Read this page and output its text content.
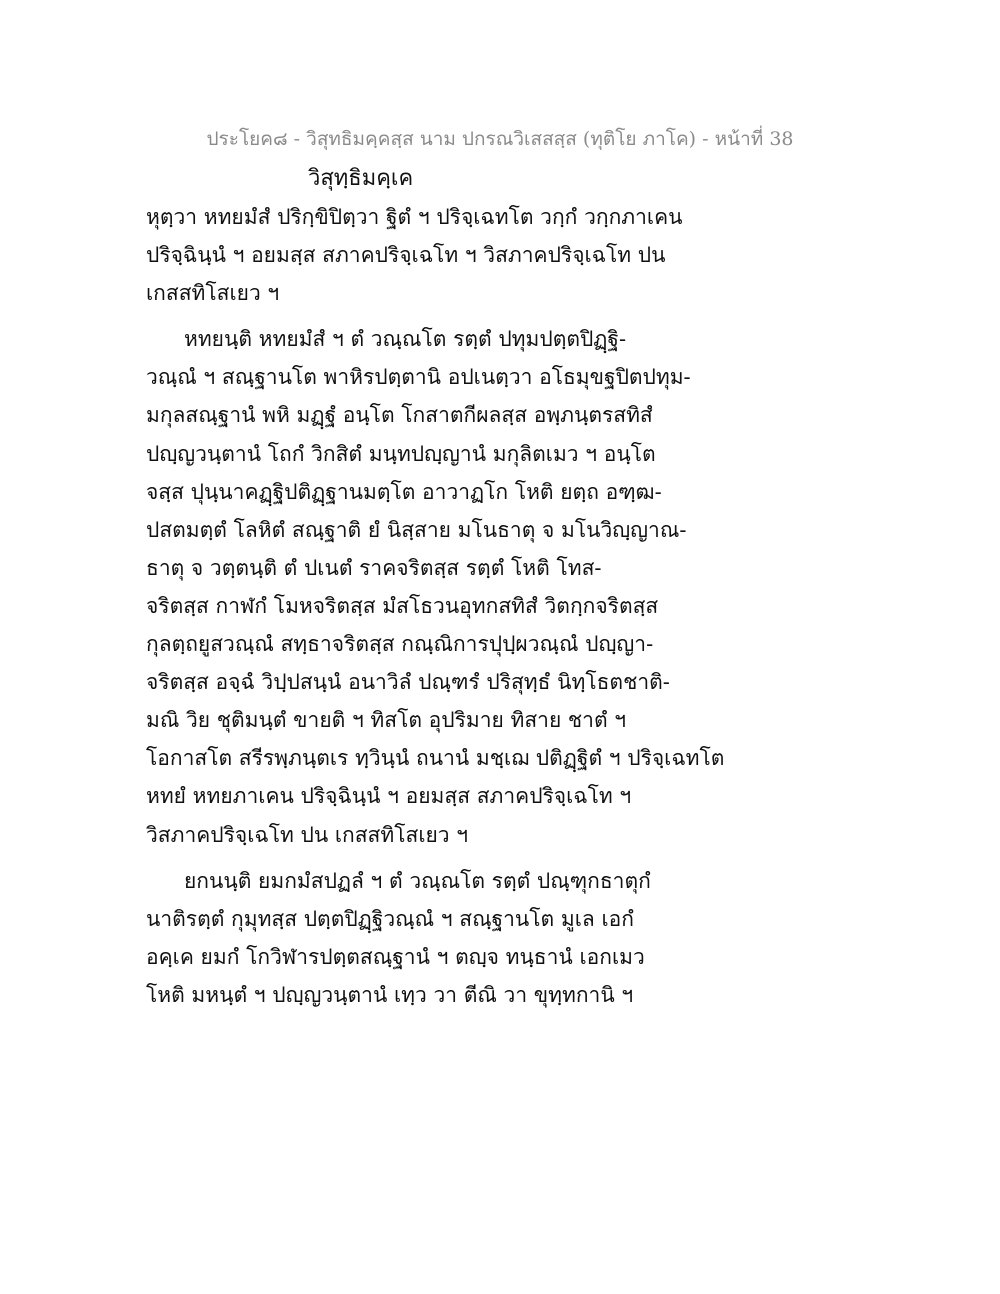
ประโยค๘ - วิสุทธิมคฺคสฺส นาม ปกรณวิเสสสฺส (ทุติโย ภาโค) - หน้าที่ 38
วิสุทฺธิมคฺเค
หุตฺวา หทยมํสํ ปริกฺขิปิตฺวา ฐิตํ ฯ ปริจฺเฉทโต วกฺกํ วกฺกภาเคน
ปริจฺฉินฺนํ ฯ อยมสฺส สภาคปริจฺเฉโท ฯ วิสภาคปริจฺเฉโท ปน
เกสสทิโสเยว ฯ
หทยนฺติ หทยมํสํ ฯ ตํ วณฺณโต รตฺตํ ปทุมปตฺตปิฏฺฐิ-
วณฺณํ ฯ สณฺฐานโต พาหิรปตฺตานิ อปเนตฺวา อโธมุขฐปิตปทุม-
มกุลสณฺฐานํ พหิ มฏฺฐํ อนฺโต โกสาตกีผลสฺส อพฺภนฺตรสทิสํ
ปญฺญวนฺตานํ โถกํ วิกสิตํ มนฺทปญฺญานํ มกุลิตเมว ฯ อนฺโต
จสฺส ปุนฺนาคฏฺฐิปติฏฺฐานมตฺโต อาวาฏโก โหติ ยตฺถ อฑฺฒ-
ปสตมตฺตํ โลหิตํ สณฺฐาติ ยํ นิสฺสาย มโนธาตุ จ มโนวิญฺญาณ-
ธาตุ จ วตฺตนฺติ ตํ ปเนตํ ราคจริตสฺส รตฺตํ โหติ โทส-
จริตสฺส กาฬกํ โมหจริตสฺส มํสโธวนอุทกสทิสํ วิตกฺกจริตสฺส
กุลตฺถยูสวณฺณํ สทฺธาจริตสฺส กณฺณิการปุปฺผวณฺณํ ปญฺญา-
จริตสฺส อจฺฉํ วิปฺปสนฺนํ อนาวิลํ ปณฺฑรํ ปริสุทฺธํ นิทฺโธตชาติ-
มณิ วิย ชุติมนฺตํ ขายติ ฯ ทิสโต อุปริมาย ทิสาย ชาตํ ฯ
โอกาสโต สรีรพฺภนฺตเร ทฺวินฺนํ ถนานํ มชฺเฌ ปติฏฺฐิตํ ฯ ปริจฺเฉทโต
หทยํ หทยภาเคน ปริจฺฉินฺนํ ฯ อยมสฺส สภาคปริจฺเฉโท ฯ
วิสภาคปริจฺเฉโท ปน เกสสทิโสเยว ฯ
ยกนนฺติ ยมกมํสปฏลํ ฯ ตํ วณฺณโต รตฺตํ ปณฺฑุกธาตุกํ
นาติรตฺตํ กุมุทสฺส ปตฺตปิฏฺฐิวณฺณํ ฯ สณฺฐานโต มูเล เอกํ
อคฺเค ยมกํ โกวิฬารปตฺตสณฺฐานํ ฯ ตญฺจ ทนฺธานํ เอกเมว
โหติ มหนฺตํ ฯ ปญฺญวนฺตานํ เทฺว วา ตีณิ วา ขุทฺทกานิ ฯ
